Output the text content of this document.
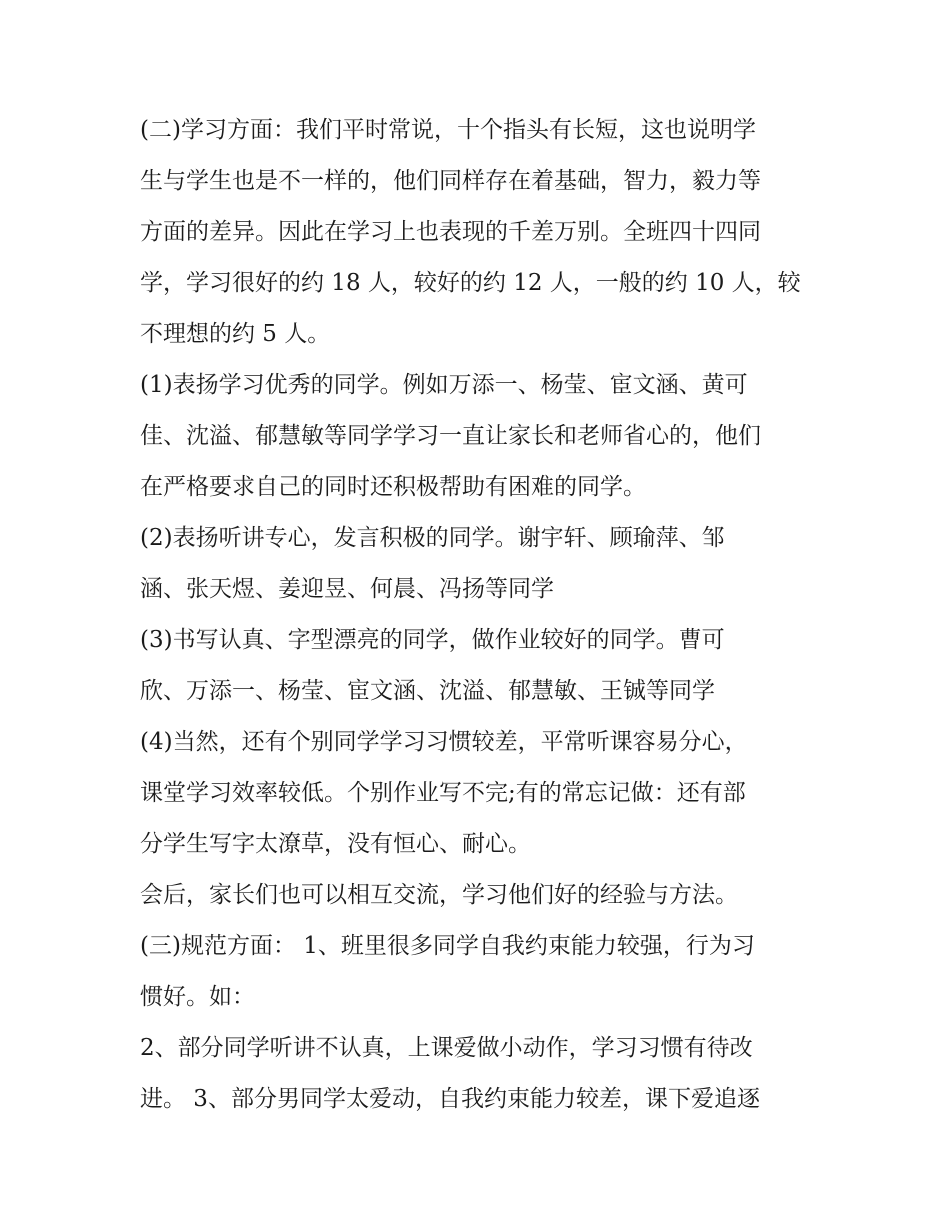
(二)学习方面：我们平时常说，十个指头有长短，这也说明学
生与学生也是不一样的，他们同样存在着基础，智力，毅力等
方面的差异。因此在学习上也表现的千差万别。全班四十四同
学，学习很好的约 18 人，较好的约 12 人，一般的约 10 人，较
不理想的约 5 人。
(1)表扬学习优秀的同学。例如万添一、杨莹、宦文涵、黄可
佳、沈溢、郁慧敏等同学学习一直让家长和老师省心的，他们
在严格要求自己的同时还积极帮助有困难的同学。
(2)表扬听讲专心，发言积极的同学。谢宇轩、顾瑜萍、邹
涵、张天煜、姜迎昱、何晨、冯扬等同学
(3)书写认真、字型漂亮的同学，做作业较好的同学。曹可
欣、万添一、杨莹、宦文涵、沈溢、郁慧敏、王铖等同学
(4)当然，还有个别同学学习习惯较差，平常听课容易分心，
课堂学习效率较低。个别作业写不完;有的常忘记做：还有部
分学生写字太潦草，没有恒心、耐心。
会后，家长们也可以相互交流，学习他们好的经验与方法。
(三)规范方面： 1、班里很多同学自我约束能力较强，行为习
惯好。如：
2、部分同学听讲不认真，上课爱做小动作，学习习惯有待改
进。 3、部分男同学太爱动，自我约束能力较差，课下爱追逐
